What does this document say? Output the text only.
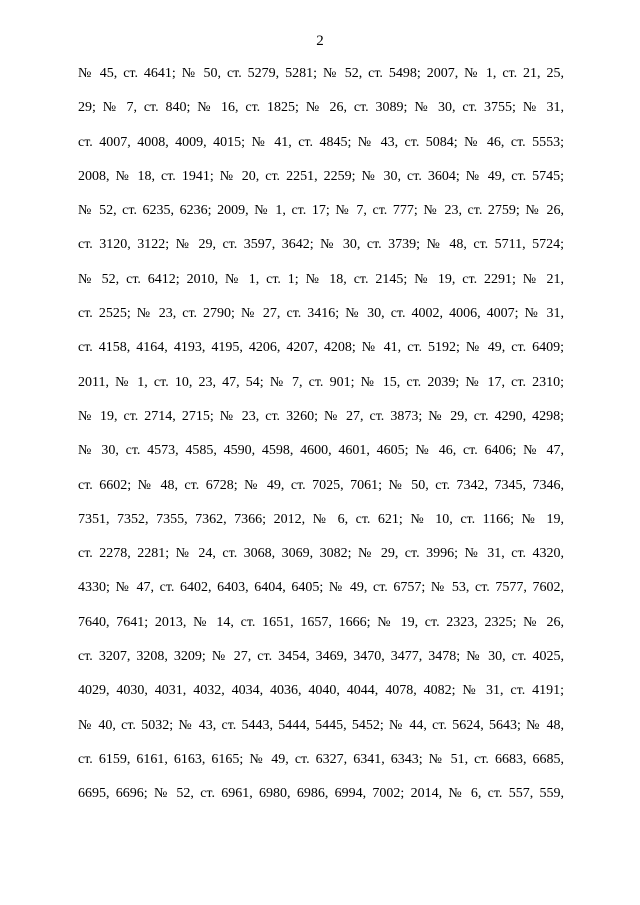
2
№ 45, ст. 4641; № 50, ст. 5279, 5281; № 52, ст. 5498; 2007, № 1, ст. 21, 25,
29; № 7, ст. 840; № 16, ст. 1825; № 26, ст. 3089; № 30, ст. 3755; № 31,
ст. 4007, 4008, 4009, 4015; № 41, ст. 4845; № 43, ст. 5084; № 46, ст. 5553;
2008, № 18, ст. 1941; № 20, ст. 2251, 2259; № 30, ст. 3604; № 49, ст. 5745;
№ 52, ст. 6235, 6236; 2009, № 1, ст. 17; № 7, ст. 777; № 23, ст. 2759; № 26,
ст. 3120, 3122; № 29, ст. 3597, 3642; № 30, ст. 3739; № 48, ст. 5711, 5724;
№ 52, ст. 6412; 2010, № 1, ст. 1; № 18, ст. 2145; № 19, ст. 2291; № 21,
ст. 2525; № 23, ст. 2790; № 27, ст. 3416; № 30, ст. 4002, 4006, 4007; № 31,
ст. 4158, 4164, 4193, 4195, 4206, 4207, 4208; № 41, ст. 5192; № 49, ст. 6409;
2011, № 1, ст. 10, 23, 47, 54; № 7, ст. 901; № 15, ст. 2039; № 17, ст. 2310;
№ 19, ст. 2714, 2715; № 23, ст. 3260; № 27, ст. 3873; № 29, ст. 4290, 4298;
№ 30, ст. 4573, 4585, 4590, 4598, 4600, 4601, 4605; № 46, ст. 6406; № 47,
ст. 6602; № 48, ст. 6728; № 49, ст. 7025, 7061; № 50, ст. 7342, 7345, 7346,
7351, 7352, 7355, 7362, 7366; 2012, № 6, ст. 621; № 10, ст. 1166; № 19,
ст. 2278, 2281; № 24, ст. 3068, 3069, 3082; № 29, ст. 3996; № 31, ст. 4320,
4330; № 47, ст. 6402, 6403, 6404, 6405; № 49, ст. 6757; № 53, ст. 7577, 7602,
7640, 7641; 2013, № 14, ст. 1651, 1657, 1666; № 19, ст. 2323, 2325; № 26,
ст. 3207, 3208, 3209; № 27, ст. 3454, 3469, 3470, 3477, 3478; № 30, ст. 4025,
4029, 4030, 4031, 4032, 4034, 4036, 4040, 4044, 4078, 4082; № 31, ст. 4191;
№ 40, ст. 5032; № 43, ст. 5443, 5444, 5445, 5452; № 44, ст. 5624, 5643; № 48,
ст. 6159, 6161, 6163, 6165; № 49, ст. 6327, 6341, 6343; № 51, ст. 6683, 6685,
6695, 6696; № 52, ст. 6961, 6980, 6986, 6994, 7002; 2014, № 6, ст. 557, 559,
